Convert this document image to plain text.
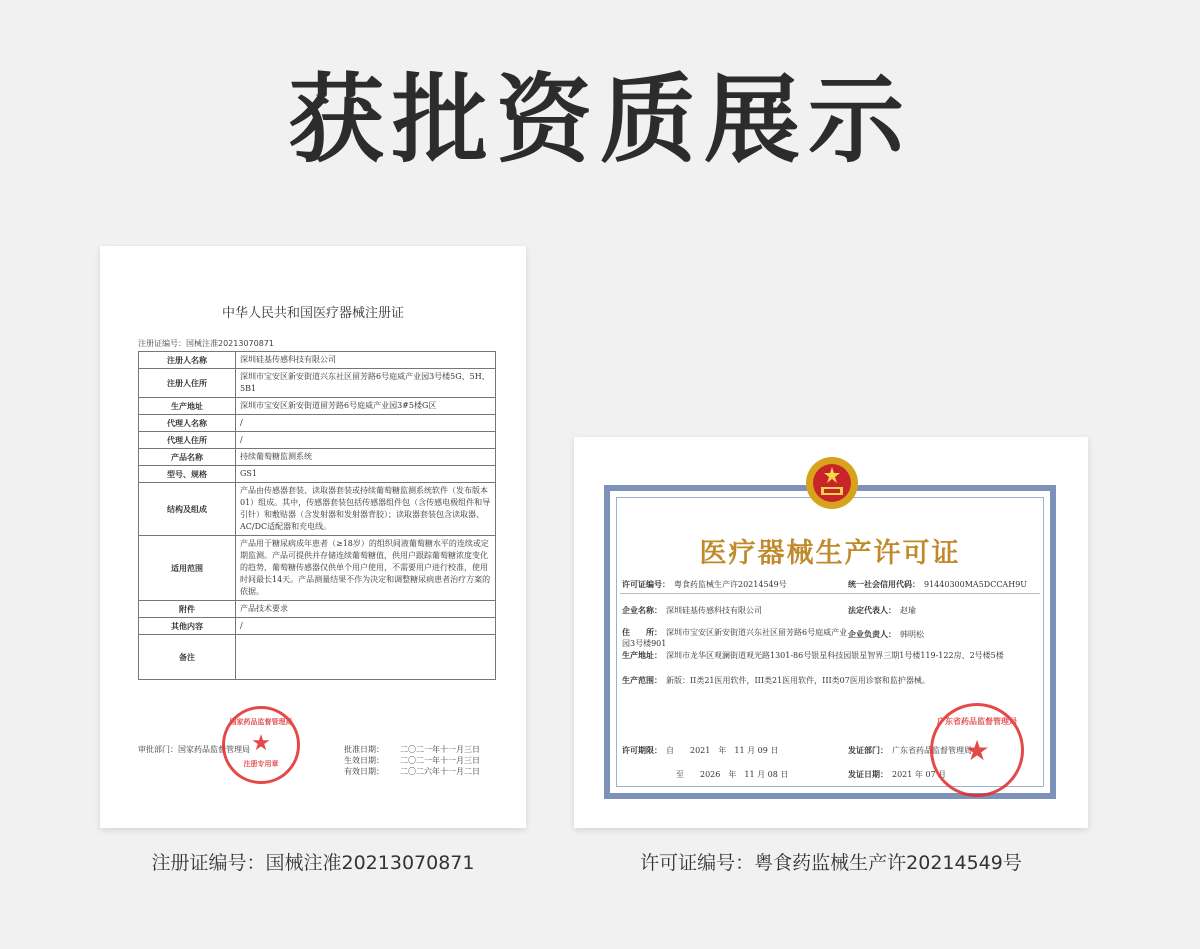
获批资质展示
中华人民共和国医疗器械注册证
注册证编号：国械注准20213070871
注册人名称	深圳硅基传感科技有限公司
注册人住所	深圳市宝安区新安街道兴东社区留芳路6号庭威产业园3号楼5G、5H、5B1
生产地址	深圳市宝安区新安街道留芳路6号庭威产业园3#5楼G区
代理人名称	/
代理人住所	/
产品名称	持续葡萄糖监测系统
型号、规格	GS1
结构及组成	产品由传感器套装、读取器套装或持续葡萄糖监测系统软件（发布版本01）组成。其中，传感器套装包括传感器组件包（含传感电极组件和导引针）和敷贴器（含发射器和发射器背胶）；读取器套装包含读取器、AC/DC适配器和充电线。
适用范围	产品用于糖尿病成年患者（≥18岁）的组织间液葡萄糖水平的连续或定期监测。产品可提供并存储连续葡萄糖值，供用户跟踪葡萄糖浓度变化的趋势，葡萄糖传感器仅供单个用户使用，不需要用户进行校准，使用时间最长14天。产品测量结果不作为决定和调整糖尿病患者治疗方案的依据。
附件	产品技术要求
其他内容	/
备注	
审批部门：国家药品监督管理局	批准日期： 二〇二一年十一月三日
生效日期： 二〇二一年十一月三日
有效日期： 二〇二六年十一月二日
国家药品监督管理局
★
注册专用章
医疗器械生产许可证
许可证编号： 粤食药监械生产许20214549号	统一社会信用代码： 91440300MA5DCCAH9U
企业名称： 深圳硅基传感科技有限公司	法定代表人： 赵瑜
住　　所： 深圳市宝安区新安街道兴东社区留芳路6号庭威产业园3号楼901
企业负责人： 韩明松
生产地址： 深圳市龙华区观澜街道观光路1301-86号银星科技园银星智界三期1号楼119-122房、2号楼5楼
生产范围： 新版：II类21医用软件，III类21医用软件，III类07医用诊察和监护器械。
许可期限： 自　　2021　年　11 月 09 日
至　　2026　年　11 月 08 日
发证部门： 广东省药品监督管理局
发证日期： 2021 年 07 月
广东省药品监督管理局
★
注册证编号：国械注准20213070871	许可证编号：粤食药监械生产许20214549号
